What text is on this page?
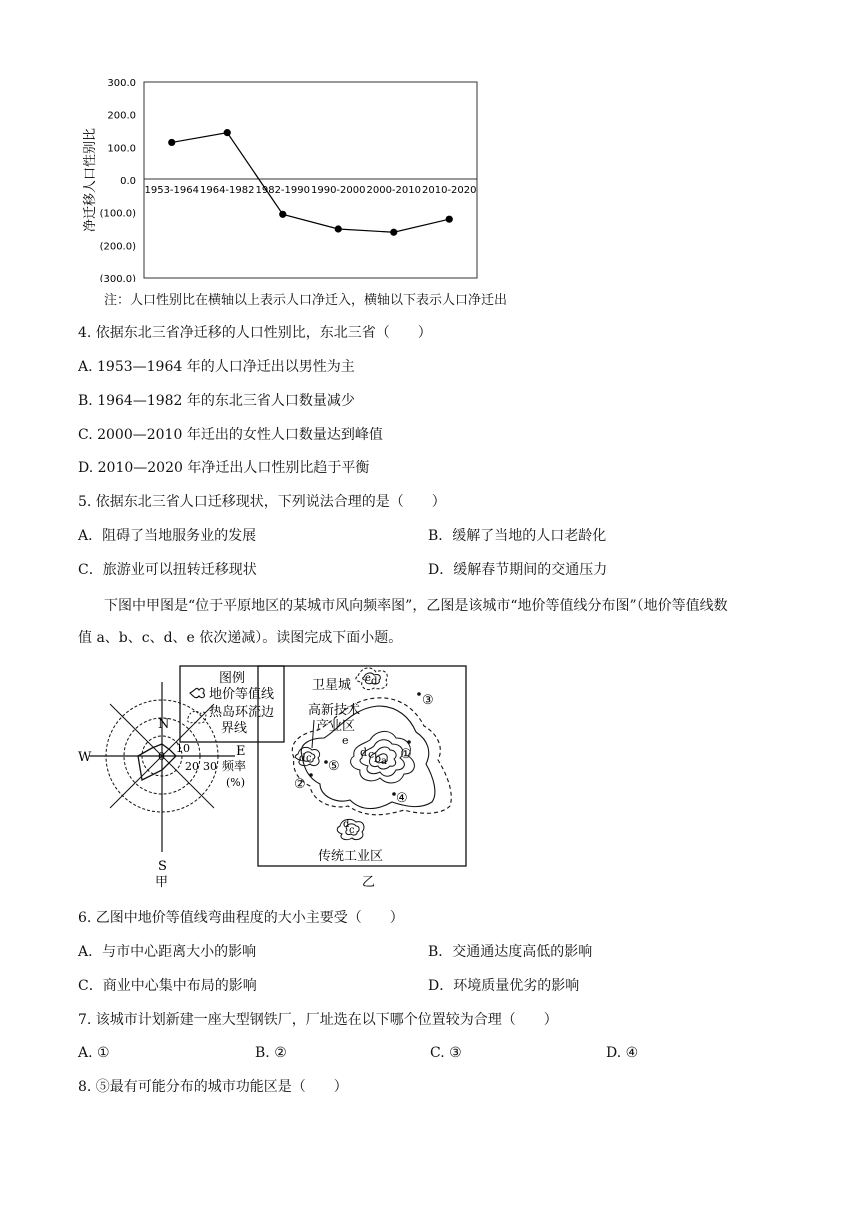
300.0
200.0
100.0
0.0
(100.0)
(200.0)
(300.0)
1953-1964 1964-1982 1982-1990 1990-2000 2000-2010 2010-2020
净迁移人口性别比
注：人口性别比在横轴以上表示人口净迁入，横轴以下表示人口净迁出
4. 依据东北三省净迁移的人口性别比，东北三省（　　）
A. 1953—1964 年的人口净迁出以男性为主
B. 1964—1982 年的东北三省人口数量减少
C. 2000—2010 年迁出的女性人口数量达到峰值
D. 2010—2020 年净迁出人口性别比趋于平衡
5. 依据东北三省人口迁移现状，下列说法合理的是（　　）
A．阻碍了当地服务业的发展	B．缓解了当地的人口老龄化
C．旅游业可以扭转迁移现状	D．缓解春节期间的交通压力
下图中甲图是“位于平原地区的某城市风向频率图”，乙图是该城市“地价等值线分布图”（地价等值线数
值 a、b、c、d、e 依次递减）。读图完成下面小题。
图例
地价等值线
热岛环流边
界线
N
S
W	E
0
10
20 30 频率
(%)
甲
③
①
⑤
②
④
e d
e
d c b a
d c
d
c
卫星城
高新技术
产业区
传统工业区
乙
6. 乙图中地价等值线弯曲程度的大小主要受（　　）
A．与市中心距离大小的影响	B．交通通达度高低的影响
C．商业中心集中布局的影响	D．环境质量优劣的影响
7. 该城市计划新建一座大型钢铁厂，厂址选在以下哪个位置较为合理（　　）
A. ①	B. ②	C. ③	D. ④
8. ⑤最有可能分布的城市功能区是（　　）
